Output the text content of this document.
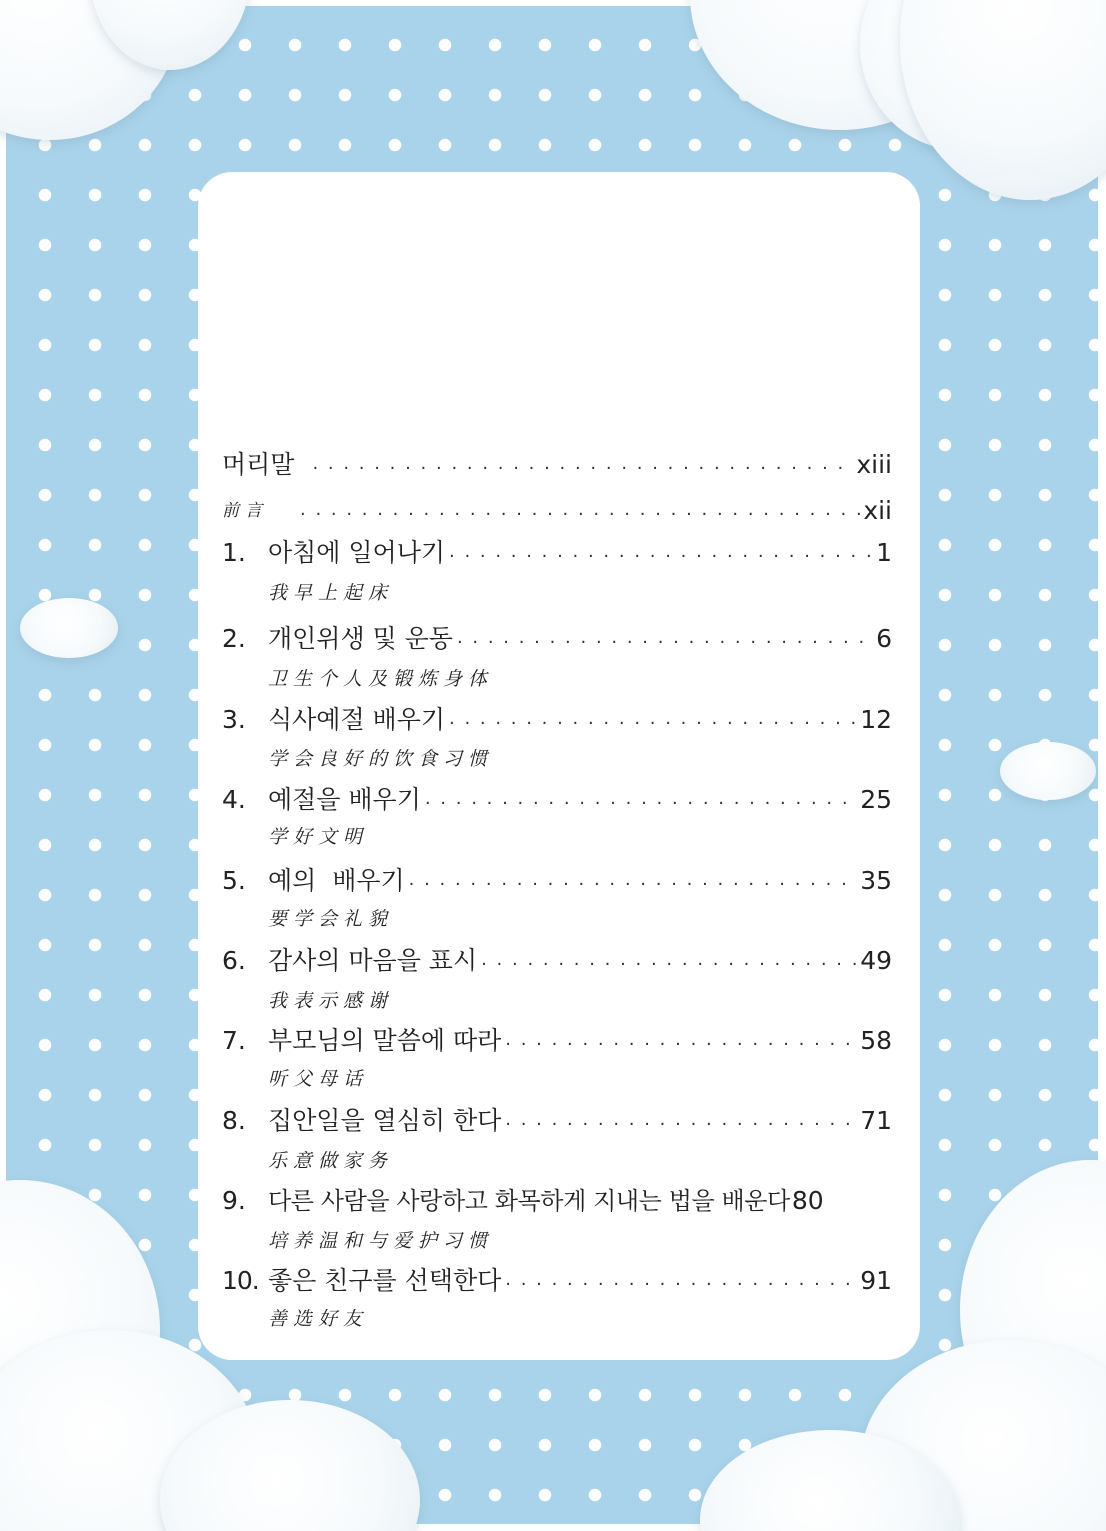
머리말 . . .	xiii
前言 . . .	xii
1. 아침에 일어나기 . . .	1
我早上起床
2. 개인위생 및 운동 . . .	6
卫生个人及锻炼身体
3. 식사예절 배우기 . . .	12
学会良好的饮食习惯
4. 예절을 배우기 . . .	25
学好文明
5. 예의  배우기 . . .	35
要学会礼貌
6. 감사의 마음을 표시 . . .	49
我表示感谢
7. 부모님의 말씀에 따라 . . .	58
听父母话
8. 집안일을 열심히 한다 . . .	71
乐意做家务
9. 다른 사람을 사랑하고 화목하게 지내는 법을 배운다 80
培养温和与爱护习惯
10. 좋은 친구를 선택한다 . . .	91
善选好友
